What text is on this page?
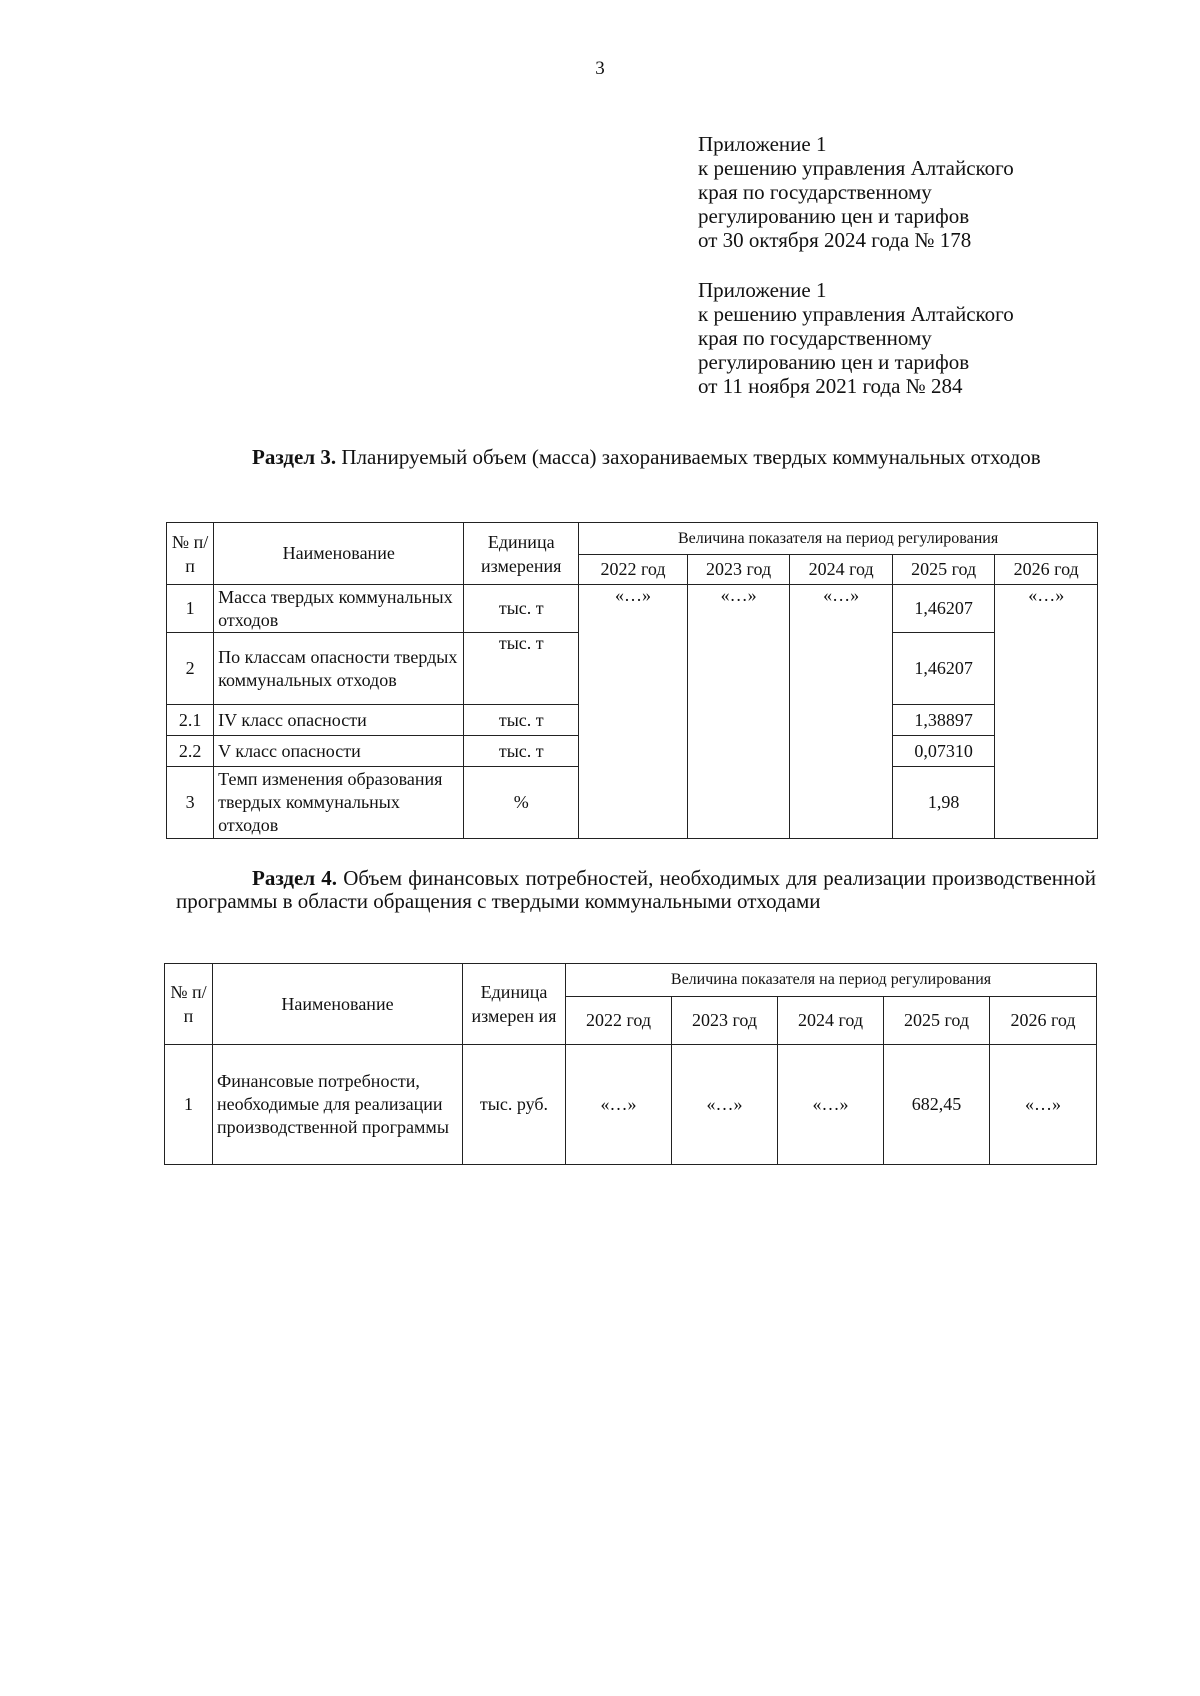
3
Приложение 1
к решению управления Алтайского
края по государственному
регулированию цен и тарифов
от 30 октября 2024 года № 178
Приложение 1
к решению управления Алтайского
края по государственному
регулированию цен и тарифов
от 11 ноября 2021 года № 284
Раздел 3. Планируемый объем (масса) захораниваемых твердых коммунальных отходов
№ п/п	Наименование	Единица измерения	Величина показателя на период регулирования				
			2022 год	2023 год	2024 год	2025 год	2026 год
1	Масса твердых коммунальных отходов	тыс. т	«…»	«…»	«…»	1,46207	«…»
2	По классам опасности твердых коммунальных отходов	тыс. т				1,46207	
2.1	IV класс опасности	тыс. т				1,38897	
2.2	V класс опасности	тыс. т				0,07310	
3	Темп изменения образования твердых коммунальных отходов	%				1,98	
Раздел 4. Объем финансовых потребностей, необходимых для реализации производственной программы в области обращения с твердыми коммунальными отходами
№ п/ п	Наименование	Единица измерен ия	Величина показателя на период регулирования				
			2022 год	2023 год	2024 год	2025 год	2026 год
1	Финансовые потребности, необходимые для реализации производственной программы	тыс. руб.	«…»	«…»	«…»	682,45	«…»
